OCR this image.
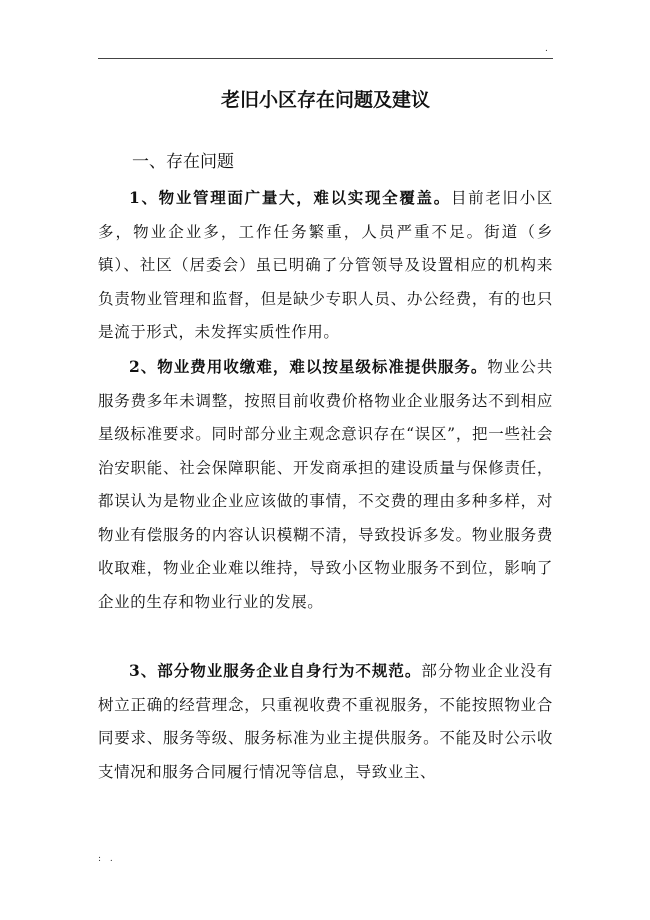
.
老旧小区存在问题及建议
一、存在问题

1、物业管理面广量大，难以实现全覆盖。目前老旧小区多，物业企业多，工作任务繁重，人员严重不足。街道（乡镇）、社区（居委会）虽已明确了分管领导及设置相应的机构来负责物业管理和监督，但是缺少专职人员、办公经费，有的也只是流于形式，未发挥实质性作用。

2、物业费用收缴难，难以按星级标准提供服务。物业公共服务费多年未调整，按照目前收费价格物业企业服务达不到相应星级标准要求。同时部分业主观念意识存在“误区”，把一些社会治安职能、社会保障职能、开发商承担的建设质量与保修责任，都误认为是物业企业应该做的事情，不交费的理由多种多样，对物业有偿服务的内容认识模糊不清，导致投诉多发。物业服务费收取难，物业企业难以维持，导致小区物业服务不到位，影响了企业的生存和物业行业的发展。

3、部分物业服务企业自身行为不规范。部分物业企业没有树立正确的经营理念，只重视收费不重视服务，不能按照物业合同要求、服务等级、服务标准为业主提供服务。不能及时公示收支情况和服务合同履行情况等信息，导致业主、

: .
